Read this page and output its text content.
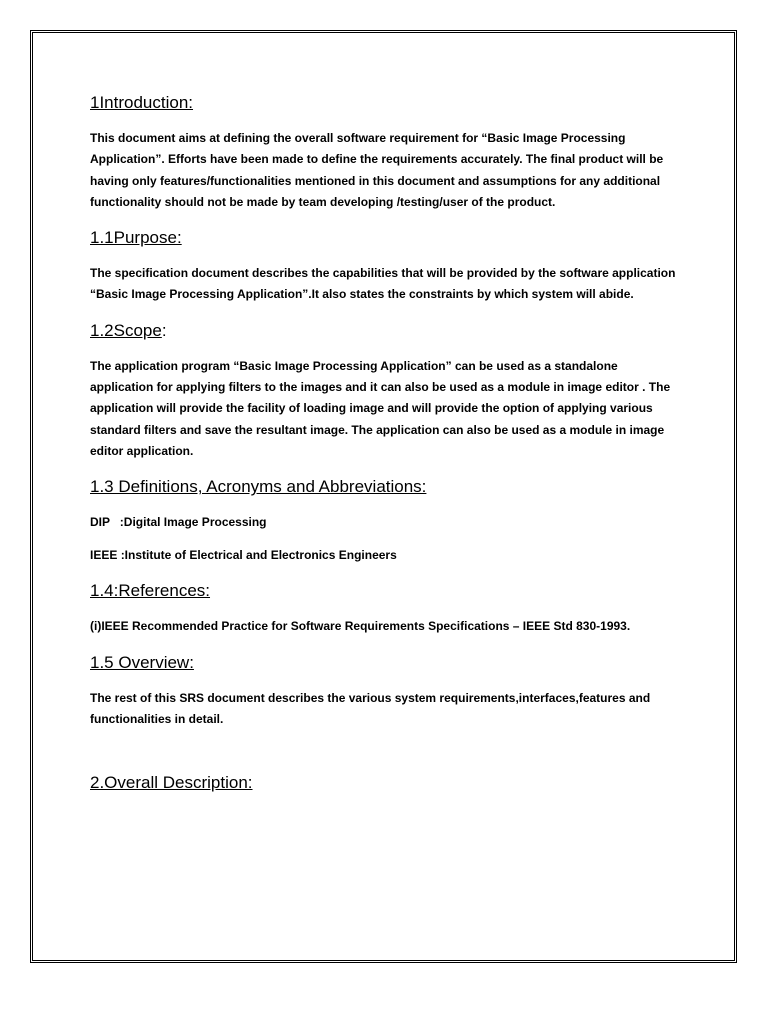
1Introduction:

This document aims at defining the overall software requirement for “Basic Image Processing Application”. Efforts have been made to define the requirements accurately. The final product will be having only features/functionalities mentioned in this document and assumptions for any additional functionality should not be made by team developing /testing/user of the product.

1.1Purpose:

The specification document describes the capabilities that will be provided by the software application “Basic Image Processing Application”.It also states the constraints by which system will abide.

1.2Scope:

The application program “Basic Image Processing Application” can be used as a standalone application for applying filters to the images and it can also be used as a module in image editor . The application will provide the facility of loading image and will provide the option of applying various standard filters and save the resultant image. The application can also be used as a module in image editor application.

1.3 Definitions, Acronyms and Abbreviations:
DIP   :Digital Image Processing
IEEE :Institute of Electrical and Electronics Engineers
1.4:References:

(i)IEEE Recommended Practice for Software Requirements Specifications – IEEE Std 830-1993.

1.5 Overview:

The rest of this SRS document describes the various system requirements,interfaces,features and functionalities in detail.

2.Overall Description:
